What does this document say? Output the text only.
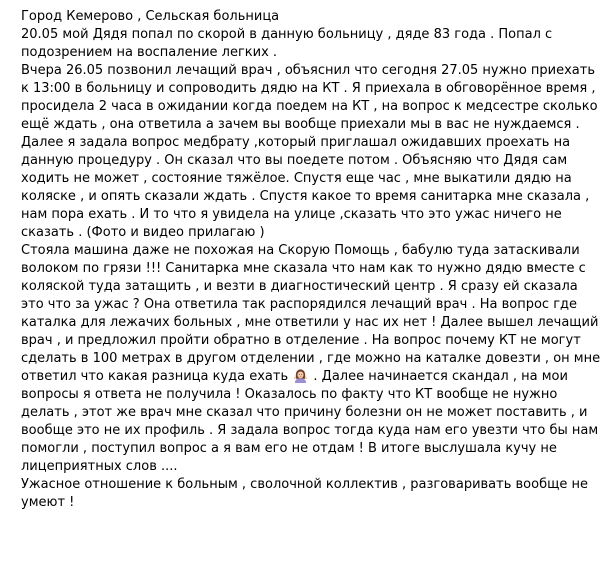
Город Кемерово , Сельская больница
20.05 мой Дядя попал по скорой в данную больницу , дяде 83 года . Попал с
подозрением на воспаление легких .
Вчера 26.05 позвонил лечащий врач , объяснил что сегодня 27.05 нужно приехать
к 13:00 в больницу и сопроводить дядю на КТ . Я приехала в обговорённое время ,
просидела 2 часа в ожидании когда поедем на КТ , на вопрос к медсестре сколько
ещё ждать , она ответила а зачем вы вообще приехали мы в вас не нуждаемся .
Далее я задала вопрос медбрату ,который приглашал ожидавших проехать на
данную процедуру . Он сказал что вы поедете потом . Объясняю что Дядя сам
ходить не может , состояние тяжёлое. Спустя еще час , мне выкатили дядю на
коляске , и опять сказали ждать . Спустя какое то время санитарка мне сказала ,
нам пора ехать . И то что я увидела на улице ,сказать что это ужас ничего не
сказать . (Фото и видео прилагаю )
Стояла машина даже не похожая на Скорую Помощь , бабулю туда затаскивали
волоком по грязи !!! Санитарка мне сказала что нам как то нужно дядю вместе с
коляской туда затащить , и везти в диагностический центр . Я сразу ей сказала
это что за ужас ? Она ответила так распорядился лечащий врач . На вопрос где
каталка для лежачих больных , мне ответили у нас их нет ! Далее вышел лечащий
врач , и предложил пройти обратно в отделение . На вопрос почему КТ не могут
сделать в 100 метрах в другом отделении , где можно на каталке довезти , он мне
ответил что какая разница куда ехать . Далее начинается скандал , на мои
вопросы я ответа не получила ! Оказалось по факту что КТ вообще не нужно
делать , этот же врач мне сказал что причину болезни он не может поставить , и
вообще это не их профиль . Я задала вопрос тогда куда нам его увезти что бы нам
помогли , поступил вопрос а я вам его не отдам ! В итоге выслушала кучу не
лицеприятных слов ....
Ужасное отношение к больным , сволочной коллектив , разговаривать вообще не
умеют !
